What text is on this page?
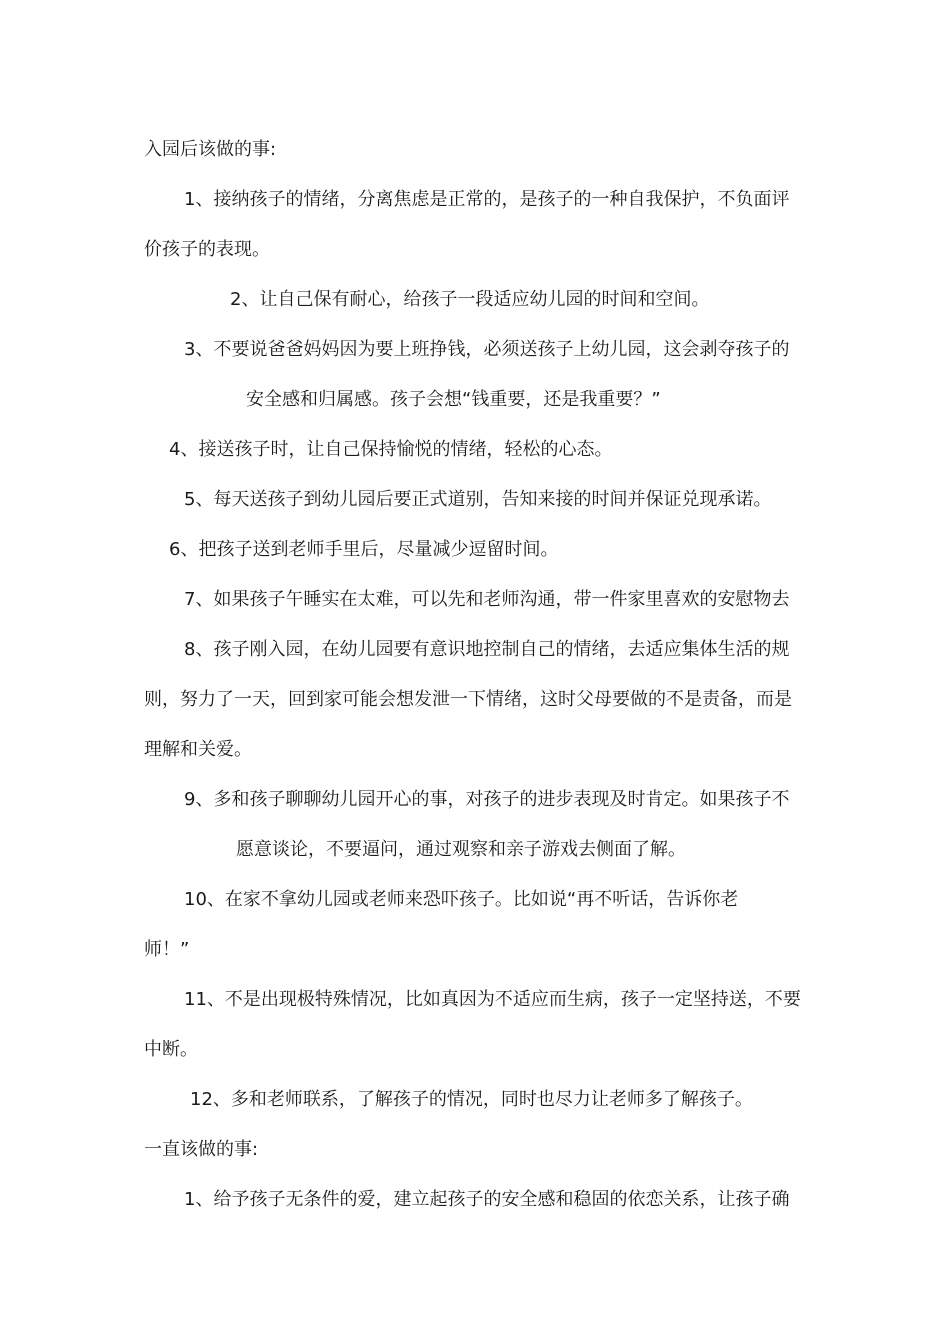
入园后该做的事:
1、接纳孩子的情绪，分离焦虑是正常的，是孩子的一种自我保护，不负面评
价孩子的表现。
2、让自己保有耐心，给孩子一段适应幼儿园的时间和空间。
3、不要说爸爸妈妈因为要上班挣钱，必须送孩子上幼儿园，这会剥夺孩子的
安全感和归属感。孩子会想“钱重要，还是我重要？”
4、接送孩子时，让自己保持愉悦的情绪，轻松的心态。
5、每天送孩子到幼儿园后要正式道别，告知来接的时间并保证兑现承诺。
6、把孩子送到老师手里后，尽量减少逗留时间。
7、如果孩子午睡实在太难，可以先和老师沟通，带一件家里喜欢的安慰物去
8、孩子刚入园，在幼儿园要有意识地控制自己的情绪，去适应集体生活的规
则，努力了一天，回到家可能会想发泄一下情绪，这时父母要做的不是责备，而是
理解和关爱。
9、多和孩子聊聊幼儿园开心的事，对孩子的进步表现及时肯定。如果孩子不
愿意谈论，不要逼问，通过观察和亲子游戏去侧面了解。
10、在家不拿幼儿园或老师来恐吓孩子。比如说“再不听话，告诉你老
师！”
11、不是出现极特殊情况，比如真因为不适应而生病，孩子一定坚持送，不要
中断。
12、多和老师联系，了解孩子的情况，同时也尽力让老师多了解孩子。
一直该做的事:
1、给予孩子无条件的爱，建立起孩子的安全感和稳固的依恋关系，让孩子确
